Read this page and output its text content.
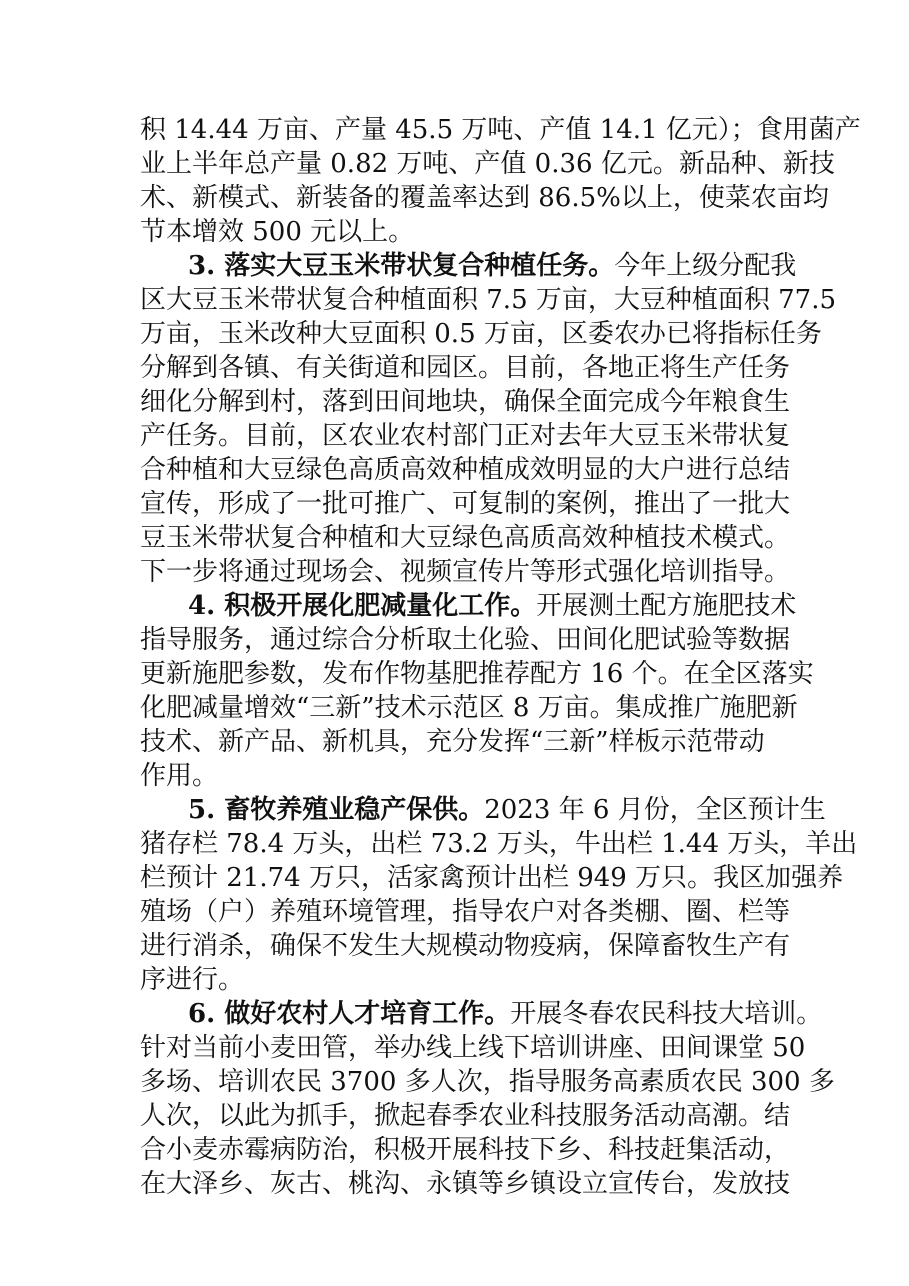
积 14.44 万亩、产量 45.5 万吨、产值 14.1 亿元）；食用菌产
业上半年总产量 0.82 万吨、产值 0.36 亿元。新品种、新技
术、新模式、新装备的覆盖率达到 86.5%以上，使菜农亩均
节本增效 500 元以上。
3. 落实大豆玉米带状复合种植任务。今年上级分配我
区大豆玉米带状复合种植面积 7.5 万亩，大豆种植面积 77.5
万亩，玉米改种大豆面积 0.5 万亩，区委农办已将指标任务
分解到各镇、有关街道和园区。目前，各地正将生产任务
细化分解到村，落到田间地块，确保全面完成今年粮食生
产任务。目前，区农业农村部门正对去年大豆玉米带状复
合种植和大豆绿色高质高效种植成效明显的大户进行总结
宣传，形成了一批可推广、可复制的案例，推出了一批大
豆玉米带状复合种植和大豆绿色高质高效种植技术模式。
下一步将通过现场会、视频宣传片等形式强化培训指导。
4. 积极开展化肥减量化工作。开展测土配方施肥技术
指导服务，通过综合分析取土化验、田间化肥试验等数据
更新施肥参数，发布作物基肥推荐配方 16 个。在全区落实
化肥减量增效“三新”技术示范区 8 万亩。集成推广施肥新
技术、新产品、新机具，充分发挥“三新”样板示范带动
作用。
5. 畜牧养殖业稳产保供。2023 年 6 月份，全区预计生
猪存栏 78.4 万头，出栏 73.2 万头，牛出栏 1.44 万头，羊出
栏预计 21.74 万只，活家禽预计出栏 949 万只。我区加强养
殖场（户）养殖环境管理，指导农户对各类棚、圈、栏等
进行消杀，确保不发生大规模动物疫病，保障畜牧生产有
序进行。
6. 做好农村人才培育工作。开展冬春农民科技大培训。
针对当前小麦田管，举办线上线下培训讲座、田间课堂 50
多场、培训农民 3700 多人次，指导服务高素质农民 300 多
人次，以此为抓手，掀起春季农业科技服务活动高潮。结
合小麦赤霉病防治，积极开展科技下乡、科技赶集活动，
在大泽乡、灰古、桃沟、永镇等乡镇设立宣传台，发放技
